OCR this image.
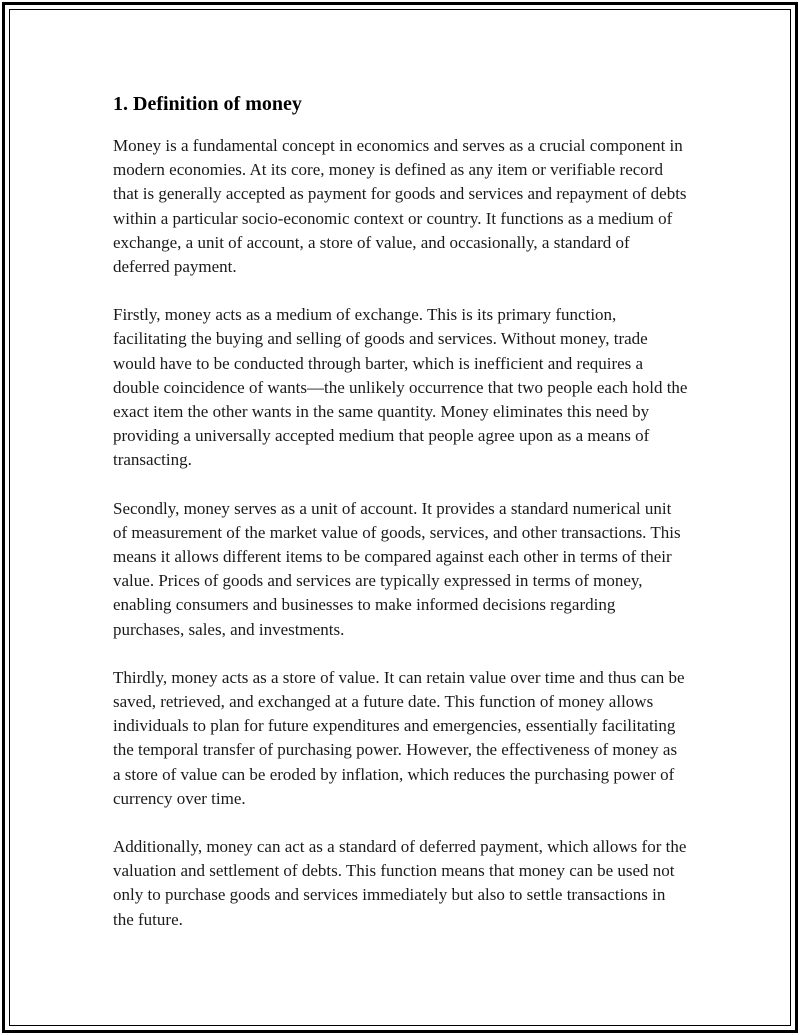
1. Definition of money

Money is a fundamental concept in economics and serves as a crucial component in modern economies. At its core, money is defined as any item or verifiable record that is generally accepted as payment for goods and services and repayment of debts within a particular socio-economic context or country. It functions as a medium of exchange, a unit of account, a store of value, and occasionally, a standard of deferred payment.

Firstly, money acts as a medium of exchange. This is its primary function, facilitating the buying and selling of goods and services. Without money, trade would have to be conducted through barter, which is inefficient and requires a double coincidence of wants—the unlikely occurrence that two people each hold the exact item the other wants in the same quantity. Money eliminates this need by providing a universally accepted medium that people agree upon as a means of transacting.

Secondly, money serves as a unit of account. It provides a standard numerical unit of measurement of the market value of goods, services, and other transactions. This means it allows different items to be compared against each other in terms of their value. Prices of goods and services are typically expressed in terms of money, enabling consumers and businesses to make informed decisions regarding purchases, sales, and investments.

Thirdly, money acts as a store of value. It can retain value over time and thus can be saved, retrieved, and exchanged at a future date. This function of money allows individuals to plan for future expenditures and emergencies, essentially facilitating the temporal transfer of purchasing power. However, the effectiveness of money as a store of value can be eroded by inflation, which reduces the purchasing power of currency over time.

Additionally, money can act as a standard of deferred payment, which allows for the valuation and settlement of debts. This function means that money can be used not only to purchase goods and services immediately but also to settle transactions in the future.
